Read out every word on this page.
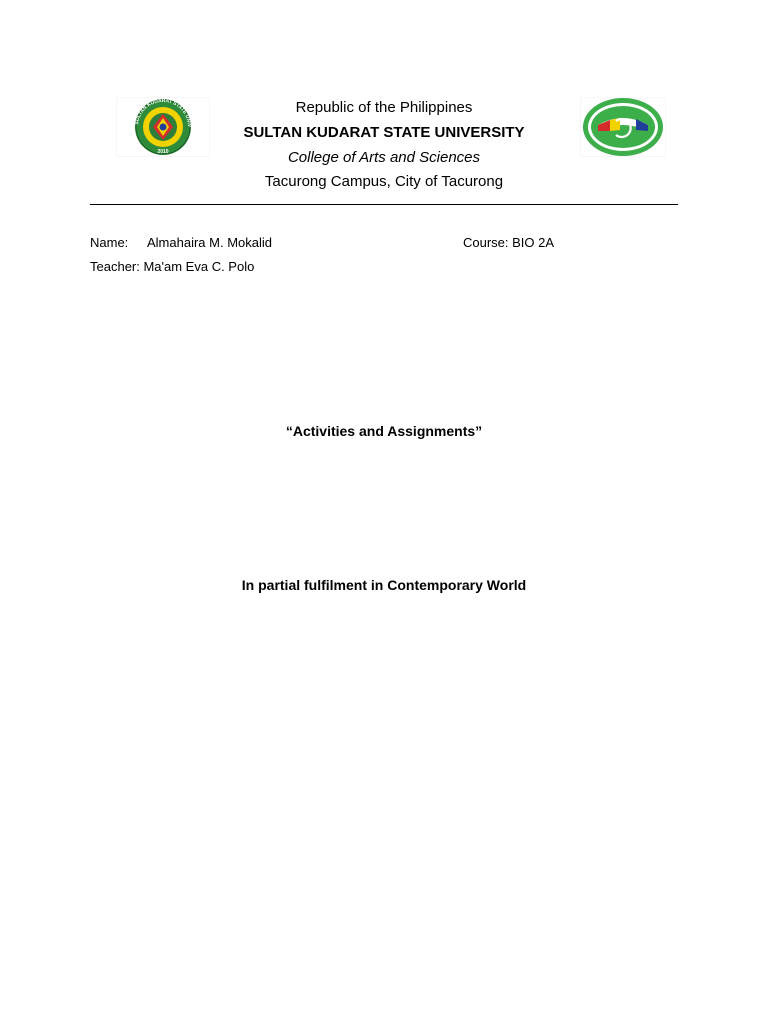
SULTAN KUDARAT STATE UNIV
2010
Republic of the Philippines
SULTAN KUDARAT STATE UNIVERSITY
College of Arts and Sciences
Tacurong Campus, City of Tacurong
Name: Almahaira M. Mokalid	Course: BIO 2A
Teacher: Ma'am Eva C. Polo
“Activities and Assignments”
In partial fulfilment in Contemporary World
